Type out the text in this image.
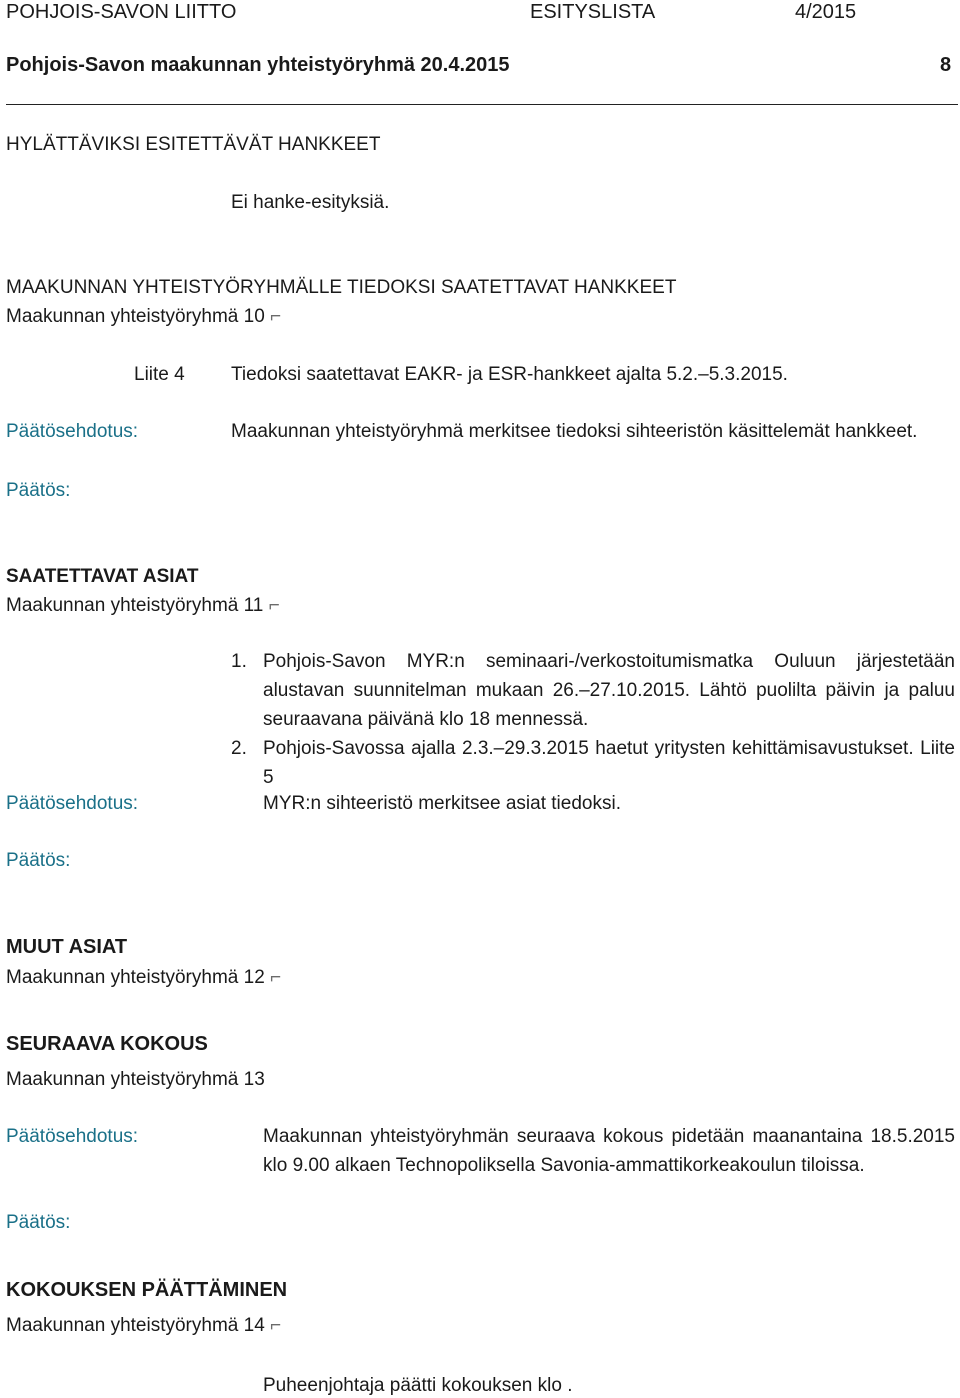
POHJOIS-SAVON LIITTO	ESITYSLISTA	4/2015
Pohjois-Savon maakunnan yhteistyöryhmä 20.4.2015	8
HYLÄTTÄVIKSI ESITETTÄVÄT HANKKEET
Ei hanke-esityksiä.
MAAKUNNAN YHTEISTYÖRYHMÄLLE TIEDOKSI SAATETTAVAT HANKKEET
Maakunnan yhteistyöryhmä 10 ⌐
Liite 4 Tiedoksi saatettavat EAKR- ja ESR-hankkeet ajalta 5.2.–5.3.2015.
Päätösehdotus:	Maakunnan yhteistyöryhmä merkitsee tiedoksi sihteeristön käsittelemät hankkeet.
Päätös:
SAATETTAVAT ASIAT
Maakunnan yhteistyöryhmä 11 ⌐
1. Pohjois-Savon MYR:n seminaari-/verkostoitumismatka Ouluun järjestetään alustavan suunnitelman mukaan 26.–27.10.2015. Lähtö puolilta päivin ja paluu seuraavana päivänä klo 18 mennessä.
2. Pohjois-Savossa ajalla 2.3.–29.3.2015 haetut yritysten kehittämisavustukset. Liite 5
Päätösehdotus:	MYR:n sihteeristö merkitsee asiat tiedoksi.
Päätös:
MUUT ASIAT
Maakunnan yhteistyöryhmä 12 ⌐
SEURAAVA KOKOUS
Maakunnan yhteistyöryhmä 13
Päätösehdotus:	Maakunnan yhteistyöryhmän seuraava kokous pidetään maanantaina 18.5.2015 klo 9.00 alkaen Technopoliksella Savonia-ammattikorkeakoulun tiloissa.
Päätös:
KOKOUKSEN PÄÄTTÄMINEN
Maakunnan yhteistyöryhmä 14 ⌐
Puheenjohtaja päätti kokouksen klo .
